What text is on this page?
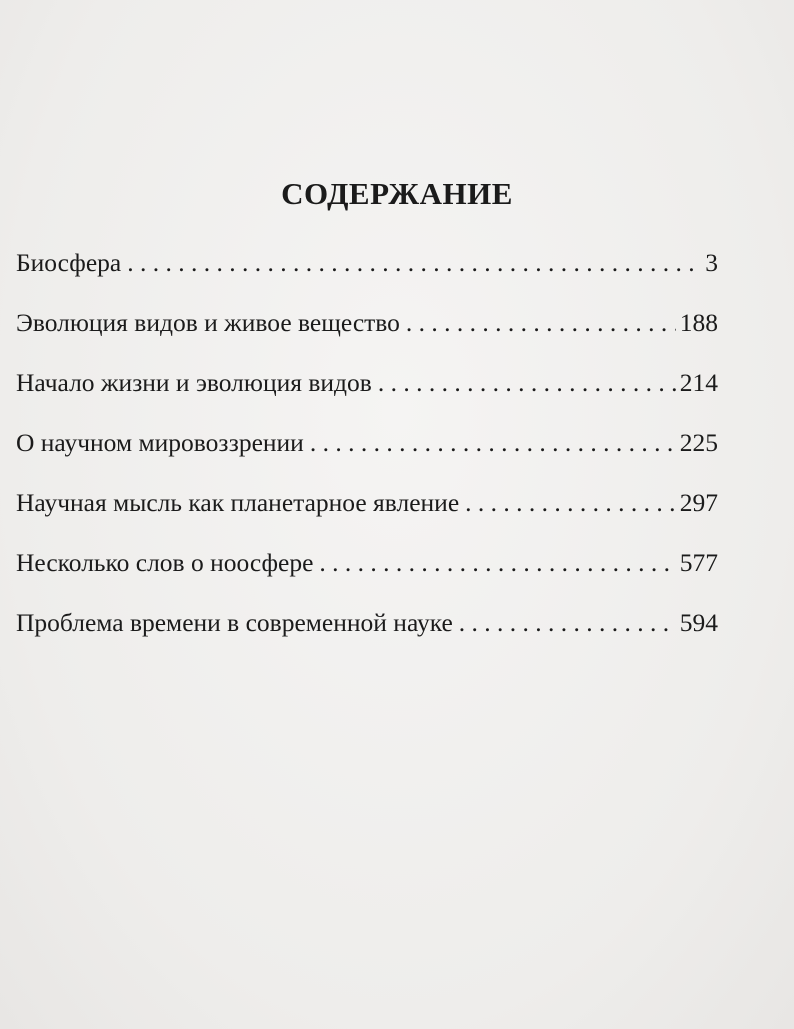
СОДЕРЖАНИЕ
Биосфера . . .	3
Эволюция видов и живое вещество . . .	188
Начало жизни и эволюция видов . . .	214
О научном мировоззрении . . .	225
Научная мысль как планетарное явление . . .	297
Несколько слов о ноосфере . . .	577
Проблема времени в современной науке . . .	594
